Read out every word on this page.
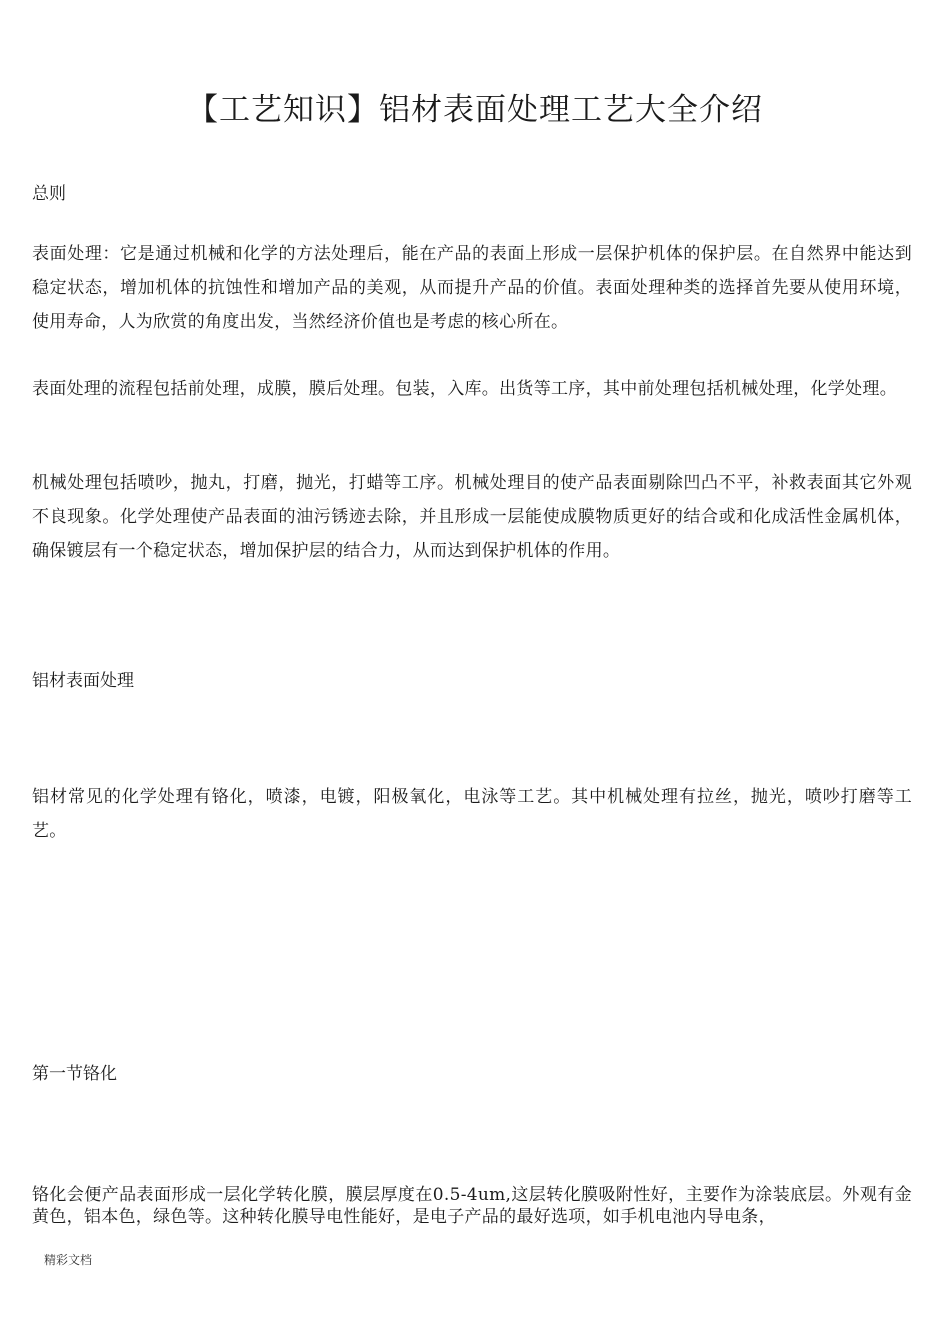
【工艺知识】铝材表面处理工艺大全介绍

总则

表面处理：它是通过机械和化学的方法处理后，能在产品的表面上形成一层保护机体的保护层。在自然界中能达到稳定状态，增加机体的抗蚀性和增加产品的美观，从而提升产品的价值。表面处理种类的选择首先要从使用环境，使用寿命，人为欣赏的角度出发，当然经济价值也是考虑的核心所在。

表面处理的流程包括前处理，成膜，膜后处理。包装，入库。出货等工序，其中前处理包括机械处理，化学处理。

机械处理包括喷吵，抛丸，打磨，抛光，打蜡等工序。机械处理目的使产品表面剔除凹凸不平，补救表面其它外观不良现象。化学处理使产品表面的油污锈迹去除，并且形成一层能使成膜物质更好的结合或和化成活性金属机体，确保镀层有一个稳定状态，增加保护层的结合力，从而达到保护机体的作用。

铝材表面处理

铝材常见的化学处理有铬化，喷漆，电镀，阳极氧化，电泳等工艺。其中机械处理有拉丝，抛光，喷吵打磨等工艺。

第一节铬化

铬化会便产品表面形成一层化学转化膜，膜层厚度在0.5-4um,这层转化膜吸附性好，主要作为涂装底层。外观有金黄色，铝本色，绿色等。这种转化膜导电性能好，是电子产品的最好选项，如手机电池内导电条，

精彩文档
